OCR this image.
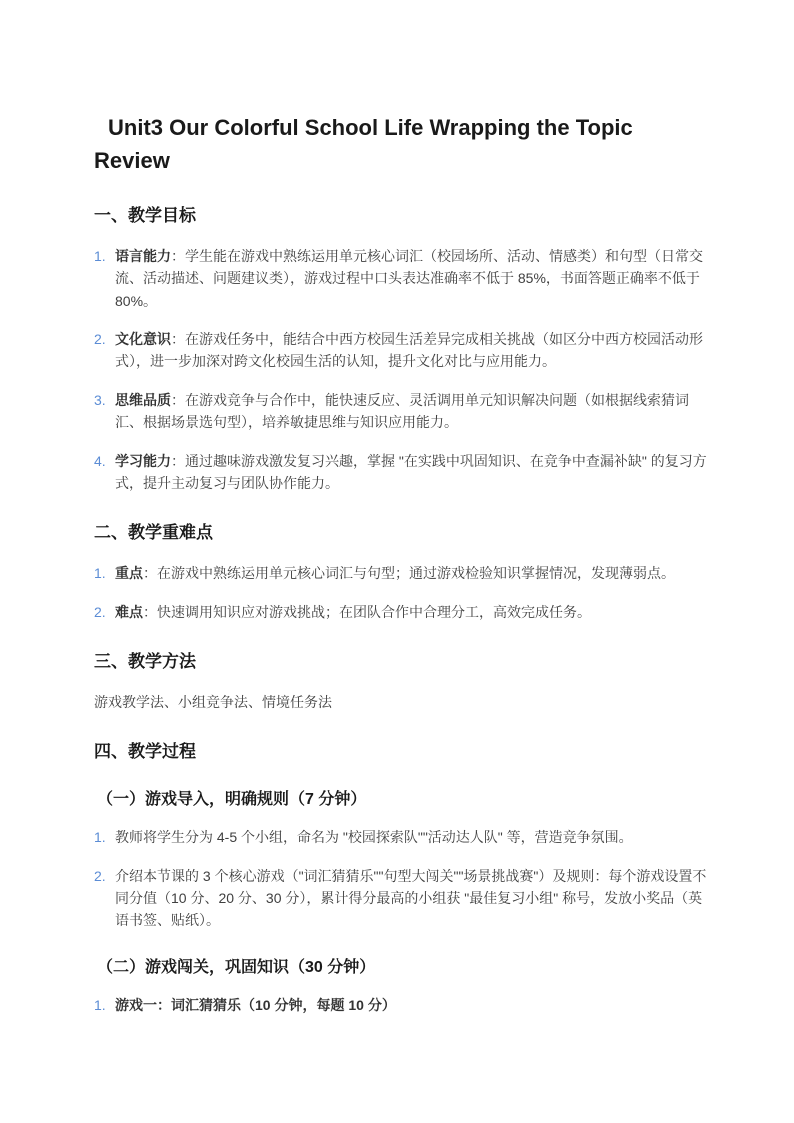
Unit3 Our Colorful School Life Wrapping the Topic Review
一、教学目标
1. 语言能力：学生能在游戏中熟练运用单元核心词汇（校园场所、活动、情感类）和句型（日常交流、活动描述、问题建议类），游戏过程中口头表达准确率不低于 85%，书面答题正确率不低于 80%。
2. 文化意识：在游戏任务中，能结合中西方校园生活差异完成相关挑战（如区分中西方校园活动形式），进一步加深对跨文化校园生活的认知，提升文化对比与应用能力。
3. 思维品质：在游戏竞争与合作中，能快速反应、灵活调用单元知识解决问题（如根据线索猜词汇、根据场景选句型），培养敏捷思维与知识应用能力。
4. 学习能力：通过趣味游戏激发复习兴趣，掌握 "在实践中巩固知识、在竞争中查漏补缺" 的复习方式，提升主动复习与团队协作能力。
二、教学重难点
1. 重点：在游戏中熟练运用单元核心词汇与句型；通过游戏检验知识掌握情况，发现薄弱点。
2. 难点：快速调用知识应对游戏挑战；在团队合作中合理分工，高效完成任务。
三、教学方法

游戏教学法、小组竞争法、情境任务法

四、教学过程
（一）游戏导入，明确规则（7 分钟）
1. 教师将学生分为 4-5 个小组，命名为 "校园探索队""活动达人队" 等，营造竞争氛围。
2. 介绍本节课的 3 个核心游戏（"词汇猜猜乐""句型大闯关""场景挑战赛"）及规则：每个游戏设置不同分值（10 分、20 分、30 分），累计得分最高的小组获 "最佳复习小组" 称号，发放小奖品（英语书签、贴纸）。
（二）游戏闯关，巩固知识（30 分钟）
1. 游戏一：词汇猜猜乐（10 分钟，每题 10 分）
